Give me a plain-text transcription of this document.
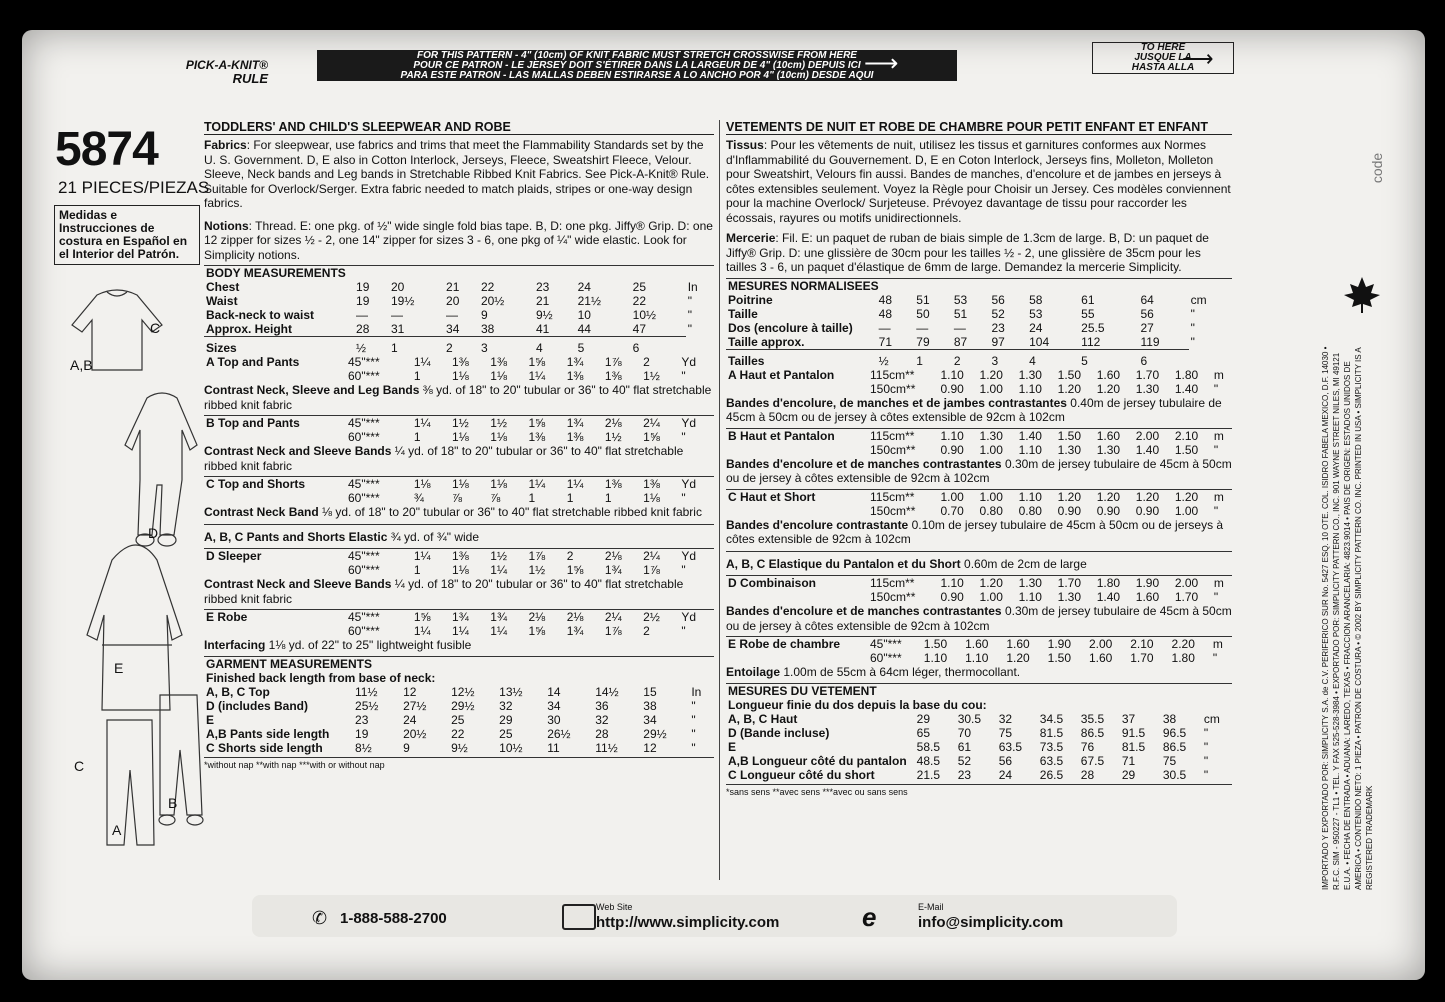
PICK-A-KNIT®
RULE
FOR THIS PATTERN - 4" (10cm) OF KNIT FABRIC MUST STRETCH CROSSWISE FROM HERE
POUR CE PATRON - LE JERSEY DOIT S'ÉTIRER DANS LA LARGEUR DE 4" (10cm) DEPUIS ICI
PARA ESTE PATRON - LAS MALLAS DEBEN ESTIRARSE A LO ANCHO POR 4" (10cm) DESDE AQUI
⟶
TO HERE
JUSQUE LA
HASTA ALLA
⟶
5874
21 PIECES/PIEZAS
Medidas e Instrucciones de costura en Español en el Interior del Patrón.
C
A,B
D
E
C
B
A
TODDLERS' AND CHILD'S SLEEPWEAR AND ROBE
Fabrics: For sleepwear, use fabrics and trims that meet the Flammability Standards set by the U. S. Government. D, E also in Cotton Interlock, Jerseys, Fleece, Sweatshirt Fleece, Velour. Sleeve, Neck bands and Leg bands in Stretchable Ribbed Knit Fabrics. See Pick-A-Knit® Rule. Suitable for Overlock/Serger. Extra fabric needed to match plaids, stripes or one-way design fabrics.
Notions: Thread. E: one pkg. of ½" wide single fold bias tape. B, D: one pkg. Jiffy® Grip. D: one 12 zipper for sizes ½ - 2, one 14" zipper for sizes 3 - 6, one pkg of ¼" wide elastic. Look for Simplicity notions.
BODY MEASUREMENTS									
Chest		19	20	21	22	23	24	25	In
Waist		19	19½	20	20½	21	21½	22	"
Back-neck to waist		—	—	—	9	9½	10	10½	"
Approx. Height		28	31	34	38	41	44	47	"

Sizes		½	1	2	3	4	5	6	
A Top and Pants	45"***	1¼	1⅜	1⅜	1⅝	1¾	1⅞	2	Yd
	60"***	1	1⅛	1⅛	1¼	1⅜	1⅜	1½	"
Contrast Neck, Sleeve and Leg Bands ⅜ yd. of 18" to 20" tubular or 36" to 40" flat stretchable ribbed knit fabric
B Top and Pants	45"***	1¼	1½	1½	1⅝	1¾	2⅛	2¼	Yd
	60"***	1	1⅛	1⅛	1⅜	1⅜	1½	1⅝	"
Contrast Neck and Sleeve Bands ¼ yd. of 18" to 20" tubular or 36" to 40" flat stretchable ribbed knit fabric
C Top and Shorts	45"***	1⅛	1⅛	1⅛	1¼	1¼	1⅜	1⅜	Yd
	60"***	¾	⅞	⅞	1	1	1	1⅛	"
Contrast Neck Band ⅛ yd. of 18" to 20" tubular or 36" to 40" flat stretchable ribbed knit fabric
A, B, C Pants and Shorts Elastic ¾ yd. of ¾" wide
D Sleeper	45"***	1¼	1⅜	1½	1⅞	2	2⅛	2¼	Yd
	60"***	1	1⅛	1¼	1½	1⅝	1¾	1⅞	"
Contrast Neck and Sleeve Bands ¼ yd. of 18" to 20" tubular or 36" to 40" flat stretchable ribbed knit fabric
E Robe	45"***	1⅝	1¾	1¾	2⅛	2⅛	2¼	2½	Yd
	60"***	1¼	1¼	1¼	1⅝	1¾	1⅞	2	"
Interfacing 1⅛ yd. of 22" to 25" lightweight fusible
GARMENT MEASUREMENTS									
Finished back length from base of neck:									
A, B, C Top		11½	12	12½	13½	14	14½	15	In
D (includes Band)		25½	27½	29½	32	34	36	38	"
E		23	24	25	29	30	32	34	"
A,B Pants side length		19	20½	22	25	26½	28	29½	"
C Shorts side length		8½	9	9½	10½	11	11½	12	"
*without nap **with nap ***with or without nap
VETEMENTS DE NUIT ET ROBE DE CHAMBRE POUR PETIT ENFANT ET ENFANT
Tissus: Pour les vêtements de nuit, utilisez les tissus et garnitures conformes aux Normes d'Inflammabilité du Gouvernement. D, E en Coton Interlock, Jerseys fins, Molleton, Molleton pour Sweatshirt, Velours fin aussi. Bandes de manches, d'encolure et de jambes en jerseys à côtes extensibles seulement. Voyez la Règle pour Choisir un Jersey. Ces modèles conviennent pour la machine Overlock/ Surjeteuse. Prévoyez davantage de tissu pour raccorder les écossais, rayures ou motifs unidirectionnels.
Mercerie: Fil. E: un paquet de ruban de biais simple de 1.3cm de large. B, D: un paquet de Jiffy® Grip. D: une glissière de 30cm pour les tailles ½ - 2, une glissière de 35cm pour les tailles 3 - 6, un paquet d'élastique de 6mm de large. Demandez la mercerie Simplicity.
MESURES NORMALISEES									
Poitrine		48	51	53	56	58	61	64	cm
Taille		48	50	51	52	53	55	56	"
Dos (encolure à taille)		—	—	—	23	24	25.5	27	"
Taille approx.		71	79	87	97	104	112	119	"

Tailles		½	1	2	3	4	5	6	
A Haut et Pantalon	115cm**	1.10	1.20	1.30	1.50	1.60	1.70	1.80	m
	150cm**	0.90	1.00	1.10	1.20	1.20	1.30	1.40	"
Bandes d'encolure, de manches et de jambes contrastantes 0.40m de jersey tubulaire de 45cm à 50cm ou de jersey à côtes extensible de 92cm à 102cm
B Haut et Pantalon	115cm**	1.10	1.30	1.40	1.50	1.60	2.00	2.10	m
	150cm**	0.90	1.00	1.10	1.30	1.30	1.40	1.50	"
Bandes d'encolure et de manches contrastantes 0.30m de jersey tubulaire de 45cm à 50cm ou de jersey à côtes extensible de 92cm à 102cm
C Haut et Short	115cm**	1.00	1.00	1.10	1.20	1.20	1.20	1.20	m
	150cm**	0.70	0.80	0.80	0.90	0.90	0.90	1.00	"
Bandes d'encolure contrastante 0.10m de jersey tubulaire de 45cm à 50cm ou de jerseys à côtes extensible de 92cm à 102cm
A, B, C Elastique du Pantalon et du Short 0.60m de 2cm de large
D Combinaison	115cm**	1.10	1.20	1.30	1.70	1.80	1.90	2.00	m
	150cm**	0.90	1.00	1.10	1.30	1.40	1.60	1.70	"
Bandes d'encolure et de manches contrastantes 0.30m de jersey tubulaire de 45cm à 50cm ou de jersey à côtes extensible de 92cm à 102cm
E Robe de chambre	45"***	1.50	1.60	1.60	1.90	2.00	2.10	2.20	m
	60"***	1.10	1.10	1.20	1.50	1.60	1.70	1.80	"
Entoilage 1.00m de 55cm à 64cm léger, thermocollant.
MESURES DU VETEMENT									
Longueur finie du dos depuis la base du cou:									
A, B, C Haut		29	30.5	32	34.5	35.5	37	38	cm
D (Bande incluse)		65	70	75	81.5	86.5	91.5	96.5	"
E		58.5	61	63.5	73.5	76	81.5	86.5	"
A,B Longueur côté du pantalon		48.5	52	56	63.5	67.5	71	75	"
C Longueur côté du short		21.5	23	24	26.5	28	29	30.5	"
*sans sens **avec sens ***avec ou sans sens
code
IMPORTADO Y EXPORTADO POR: SIMPLICITY S.A. de C.V. PERIFERICO SUR No. 5427 ESQ. 10 OTE. COL. ISIDRO FABELA MEXICO, D.F. 14030 • R.F.C. SIM - 950227 - TL1 • TEL. Y FAX 525-528-3984 • EXPORTADO POR: SIMPLICITY PATTERN CO., INC. 901 WAYNE STREET NILES, MI 49121 E.U.A. • FECHA DE ENTRADA • ADUANA: LAREDO, TEXAS • FRACCION ARANCELARIA: 4823.9014 • PAIS DE ORIGEN: ESTADOS UNIDOS DE AMERICA • CONTENIDO NETO: 1 PIEZA • PATRON DE COSTURA • © 2002 BY SIMPLICITY PATTERN CO. INC. PRINTED IN USA • SIMPLICITY IS A REGISTERED TRADEMARK
✆ 1-888-588-2700
Web Site
http://www.simplicity.com	e	E-Mail
info@simplicity.com
